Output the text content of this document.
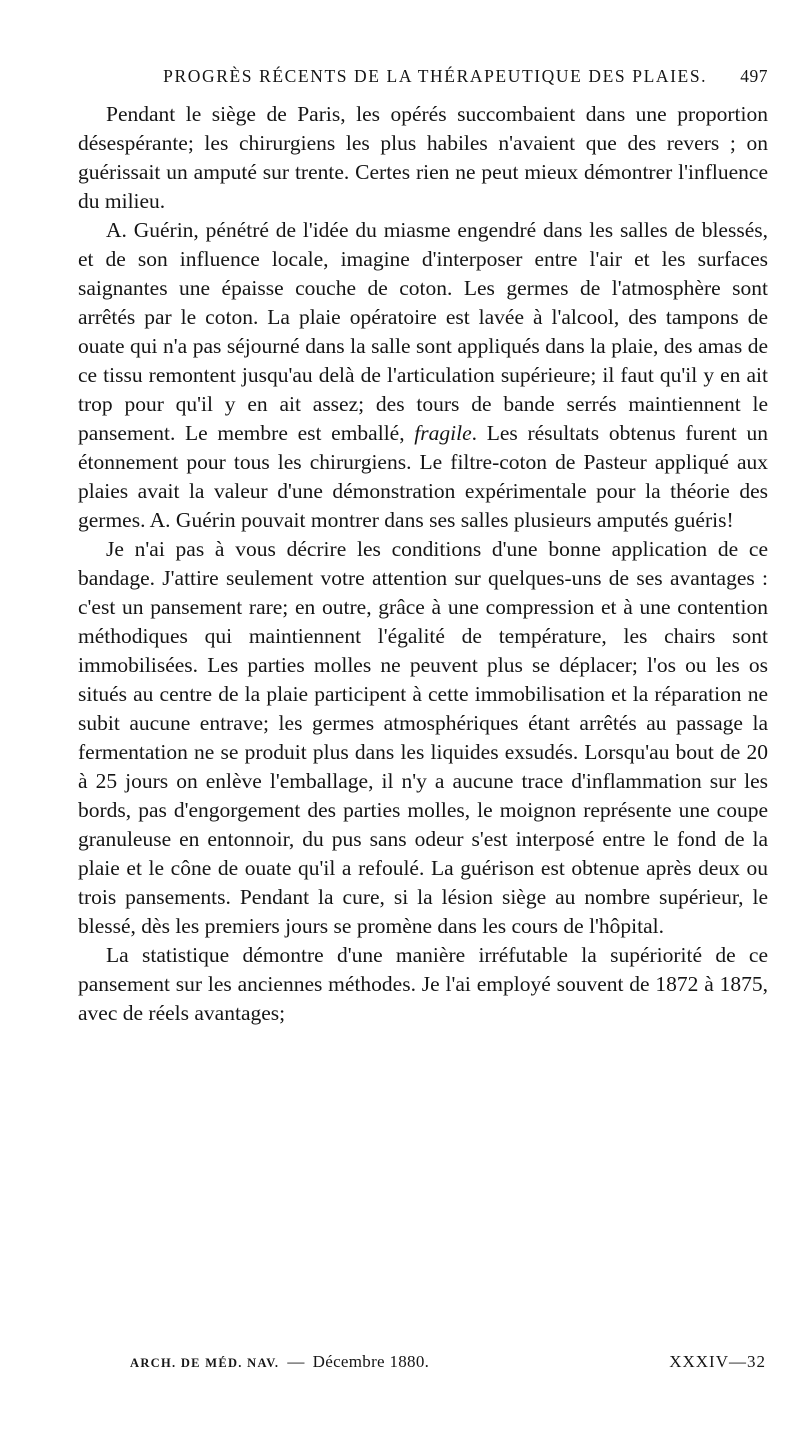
PROGRÈS RÉCENTS DE LA THÉRAPEUTIQUE DES PLAIES.	497

Pendant le siège de Paris, les opérés succombaient dans une proportion désespérante; les chirurgiens les plus habiles n'avaient que des revers ; on guérissait un amputé sur trente. Certes rien ne peut mieux démontrer l'influence du milieu.

A. Guérin, pénétré de l'idée du miasme engendré dans les salles de blessés, et de son influence locale, imagine d'interposer entre l'air et les surfaces saignantes une épaisse couche de coton. Les germes de l'atmosphère sont arrêtés par le coton. La plaie opératoire est lavée à l'alcool, des tampons de ouate qui n'a pas séjourné dans la salle sont appliqués dans la plaie, des amas de ce tissu remontent jusqu'au delà de l'articulation supérieure; il faut qu'il y en ait trop pour qu'il y en ait assez; des tours de bande serrés maintiennent le pansement. Le membre est emballé, fragile. Les résultats obtenus furent un étonnement pour tous les chirurgiens. Le filtre-coton de Pasteur appliqué aux plaies avait la valeur d'une démonstration expérimentale pour la théorie des germes. A. Guérin pouvait montrer dans ses salles plusieurs amputés guéris!

Je n'ai pas à vous décrire les conditions d'une bonne application de ce bandage. J'attire seulement votre attention sur quelques-uns de ses avantages : c'est un pansement rare; en outre, grâce à une compression et à une contention méthodiques qui maintiennent l'égalité de température, les chairs sont immobilisées. Les parties molles ne peuvent plus se déplacer; l'os ou les os situés au centre de la plaie participent à cette immobilisation et la réparation ne subit aucune entrave; les germes atmosphériques étant arrêtés au passage la fermentation ne se produit plus dans les liquides exsudés. Lorsqu'au bout de 20 à 25 jours on enlève l'emballage, il n'y a aucune trace d'inflammation sur les bords, pas d'engorgement des parties molles, le moignon représente une coupe granuleuse en entonnoir, du pus sans odeur s'est interposé entre le fond de la plaie et le cône de ouate qu'il a refoulé. La guérison est obtenue après deux ou trois pansements. Pendant la cure, si la lésion siège au nombre supérieur, le blessé, dès les premiers jours se promène dans les cours de l'hôpital.

La statistique démontre d'une manière irréfutable la supériorité de ce pansement sur les anciennes méthodes. Je l'ai employé souvent de 1872 à 1875, avec de réels avantages;

ARCH. DE MÉD. NAV. — Décembre 1880.	XXXIV—32
